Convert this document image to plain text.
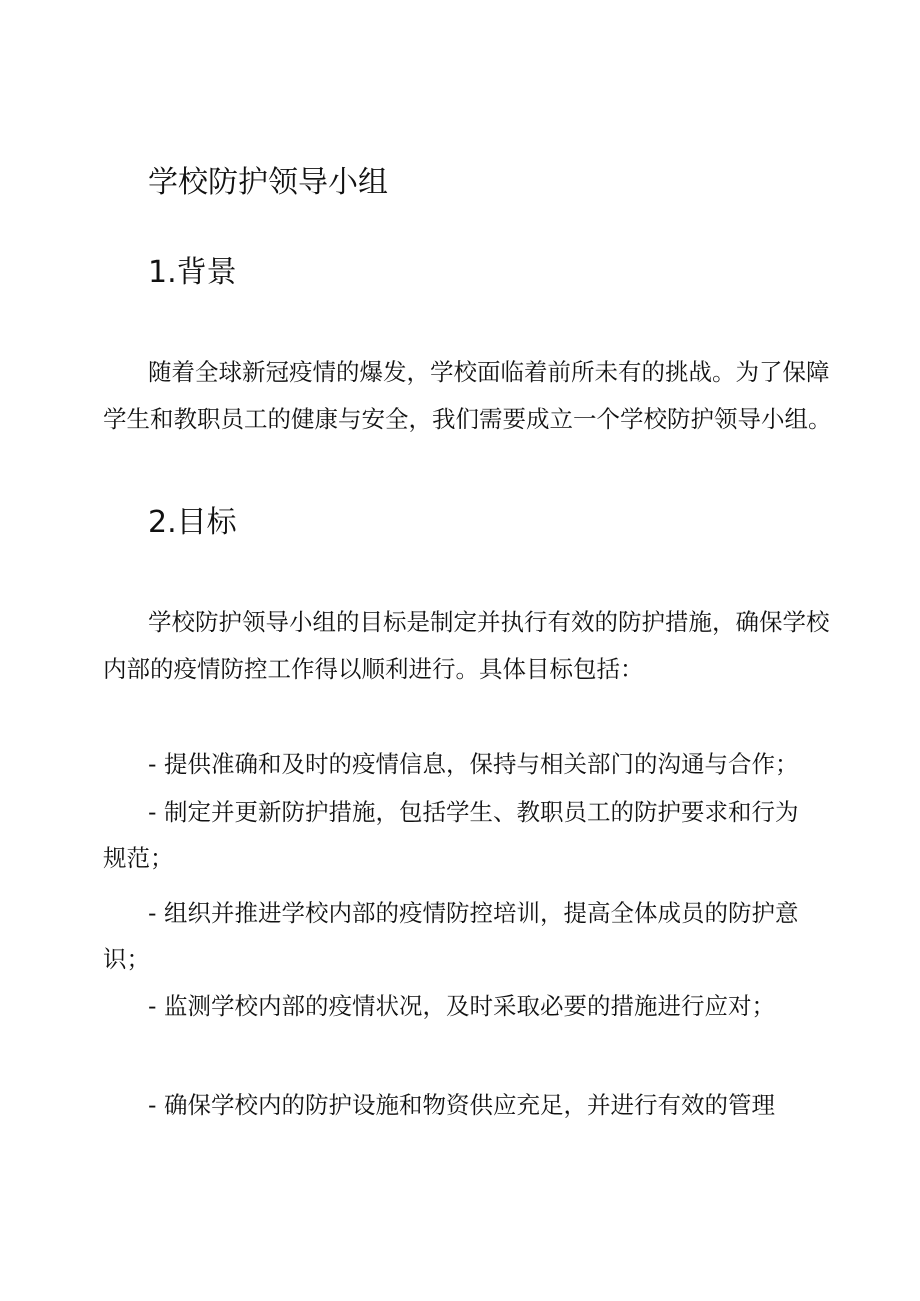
学校防护领导小组
1.背景

随着全球新冠疫情的爆发，学校面临着前所未有的挑战。为了保障

学生和教职员工的健康与安全，我们需要成立一个学校防护领导小组。

2.目标

学校防护领导小组的目标是制定并执行有效的防护措施，确保学校

内部的疫情防控工作得以顺利进行。具体目标包括：

- 提供准确和及时的疫情信息，保持与相关部门的沟通与合作；

- 制定并更新防护措施，包括学生、教职员工的防护要求和行为

规范；

- 组织并推进学校内部的疫情防控培训，提高全体成员的防护意

识；

- 监测学校内部的疫情状况，及时采取必要的措施进行应对；

- 确保学校内的防护设施和物资供应充足，并进行有效的管理
